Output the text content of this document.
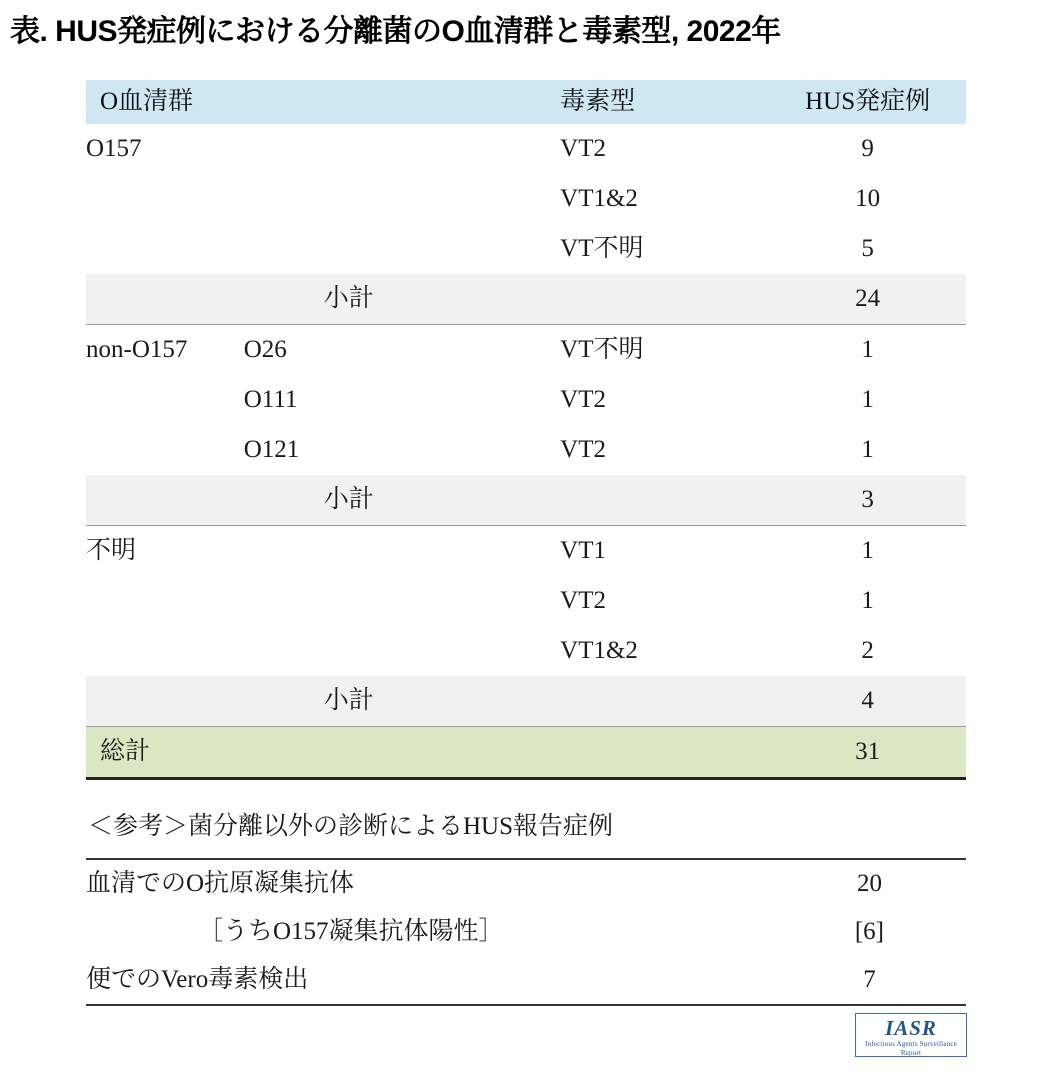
表. HUS発症例における分離菌のO血清群と毒素型, 2022年
O血清群		毒素型	HUS発症例
O157		VT2	9
		VT1&2	10
		VT不明	5
	小計		24
non-O157	O26	VT不明	1
	O111	VT2	1
	O121	VT2	1
	小計		3
不明		VT1	1
		VT2	1
		VT1&2	2
	小計		4
総計			31
＜参考＞菌分離以外の診断によるHUS報告症例
血清でのO抗原凝集抗体	20
［うちO157凝集抗体陽性］	[6]
便でのVero毒素検出	7
IASR
Infectious Agents Surveillance Report
